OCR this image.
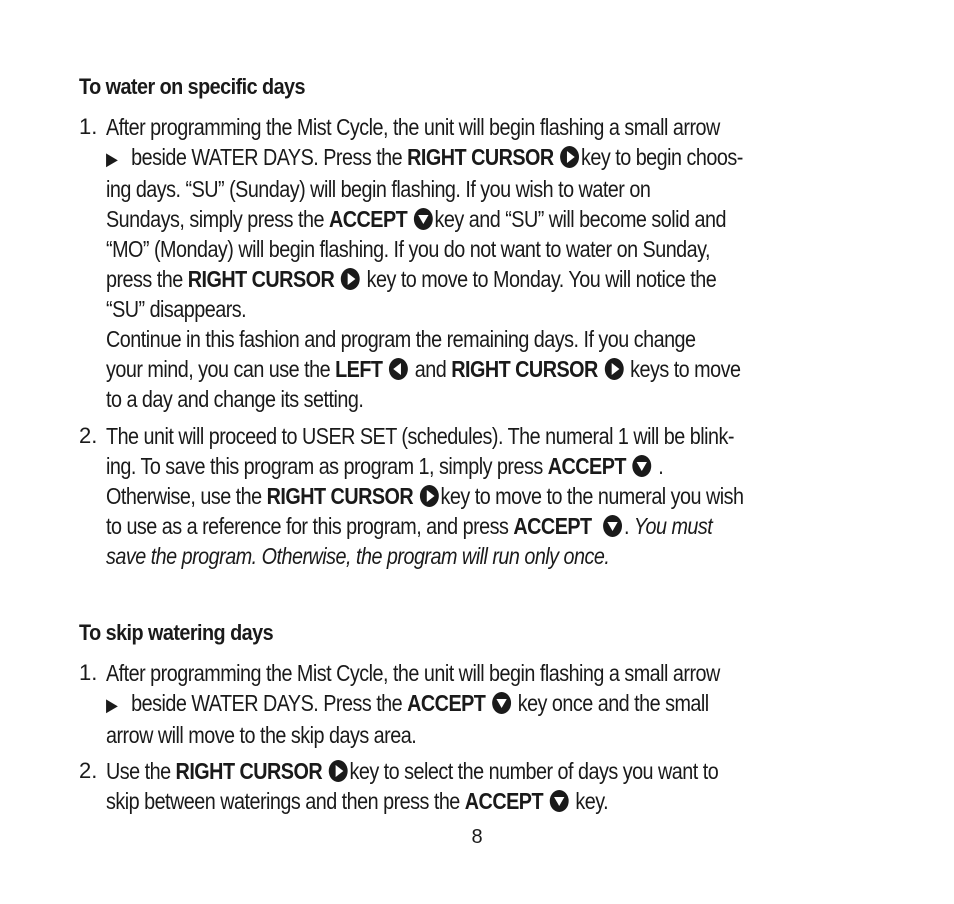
To water on specific days
1. After programming the Mist Cycle, the unit will begin flashing a small arrow
▶ beside WATER DAYS. Press the RIGHT CURSOR key to begin choos-
ing days. “SU” (Sunday) will begin flashing. If you wish to water on
Sundays, simply press the ACCEPT key and “SU” will become solid and
“MO” (Monday) will begin flashing. If you do not want to water on Sunday,
press the RIGHT CURSOR key to move to Monday. You will notice the
“SU” disappears.
Continue in this fashion and program the remaining days. If you change
your mind, you can use the LEFT and RIGHT CURSOR keys to move
to a day and change its setting.
2. The unit will proceed to USER SET (schedules). The numeral 1 will be blink-
ing. To save this program as program 1, simply press ACCEPT .
Otherwise, use the RIGHT CURSOR key to move to the numeral you wish
to use as a reference for this program, and press ACCEPT . You must
save the program. Otherwise, the program will run only once.
To skip watering days
1. After programming the Mist Cycle, the unit will begin flashing a small arrow
▶ beside WATER DAYS. Press the ACCEPT key once and the small
arrow will move to the skip days area.
2. Use the RIGHT CURSOR key to select the number of days you want to
skip between waterings and then press the ACCEPT key.
8
